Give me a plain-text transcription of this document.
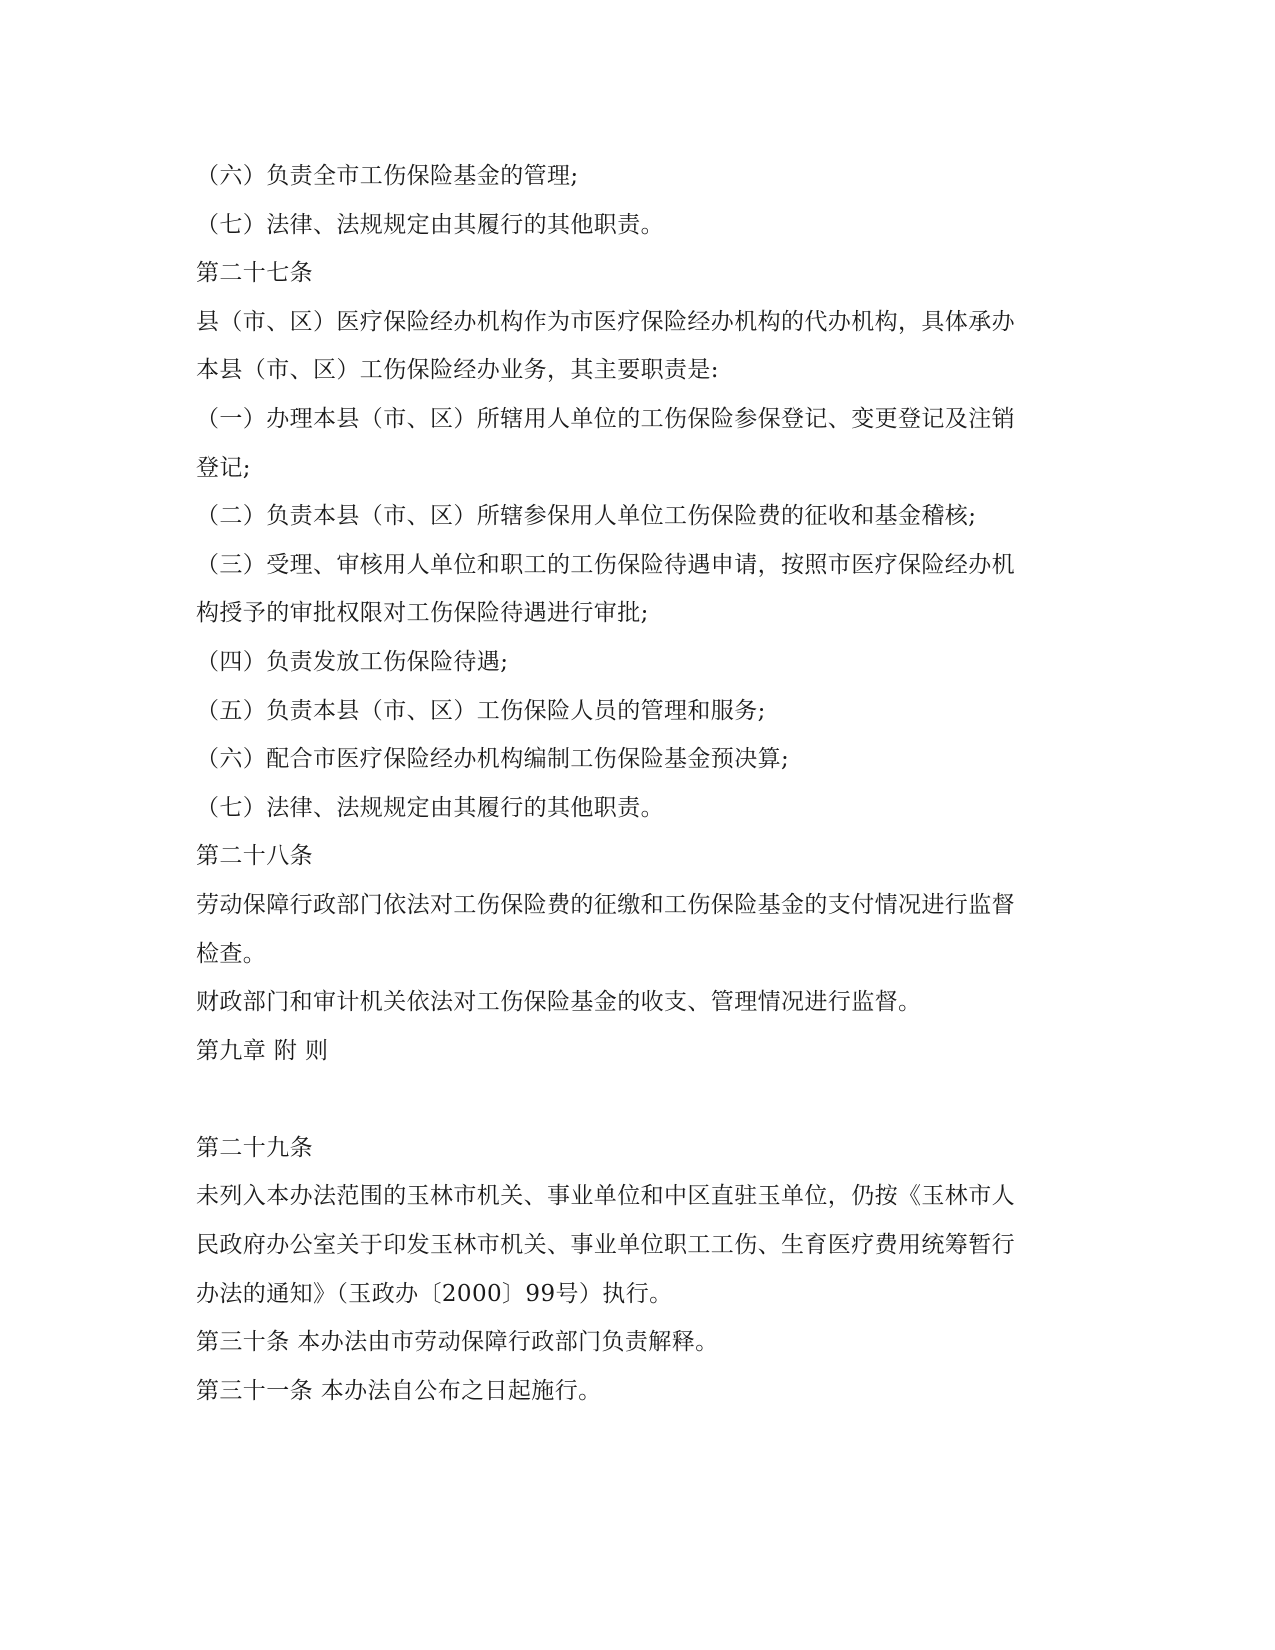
（六）负责全市工伤保险基金的管理;
（七）法律、法规规定由其履行的其他职责。
第二十七条
县（市、区）医疗保险经办机构作为市医疗保险经办机构的代办机构，具体承办
本县（市、区）工伤保险经办业务，其主要职责是:
（一）办理本县（市、区）所辖用人单位的工伤保险参保登记、变更登记及注销
登记;
（二）负责本县（市、区）所辖参保用人单位工伤保险费的征收和基金稽核;
（三）受理、审核用人单位和职工的工伤保险待遇申请，按照市医疗保险经办机
构授予的审批权限对工伤保险待遇进行审批;
（四）负责发放工伤保险待遇;
（五）负责本县（市、区）工伤保险人员的管理和服务;
（六）配合市医疗保险经办机构编制工伤保险基金预决算;
（七）法律、法规规定由其履行的其他职责。
第二十八条
劳动保障行政部门依法对工伤保险费的征缴和工伤保险基金的支付情况进行监督
检查。
财政部门和审计机关依法对工伤保险基金的收支、管理情况进行监督。
第九章 附 则
第二十九条
未列入本办法范围的玉林市机关、事业单位和中区直驻玉单位，仍按《玉林市人
民政府办公室关于印发玉林市机关、事业单位职工工伤、生育医疗费用统筹暂行
办法的通知》（玉政办〔2000〕99号）执行。
第三十条 本办法由市劳动保障行政部门负责解释。
第三十一条 本办法自公布之日起施行。
